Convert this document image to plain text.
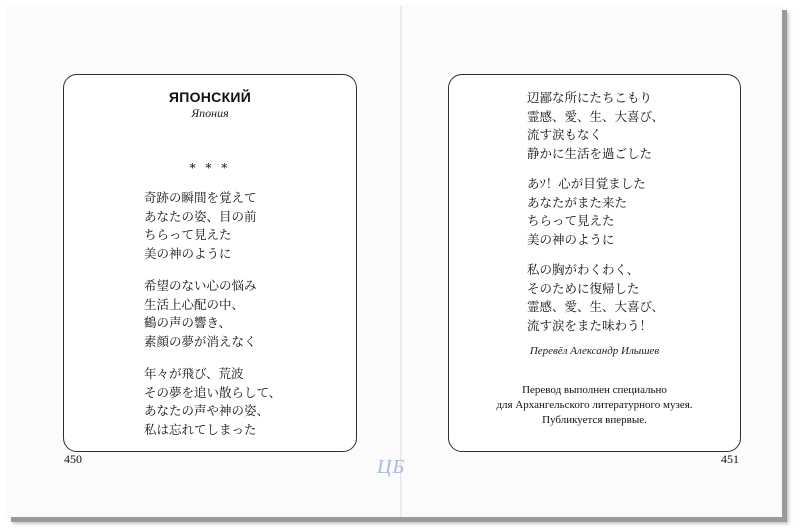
ЯПОНСКИЙ
Япония
* * *
奇跡の瞬間を覚えて
あなたの姿、目の前
ちらって見えた
美の神のように
希望のない心の悩み
生活上心配の中、
鶴の声の響き、
素顔の夢が消えなく
年々が飛び、荒波
その夢を追い散らして、
あなたの声や神の姿、
私は忘れてしまった
450
辺鄙な所にたちこもり
霊感、愛、生、大喜び、
流す涙もなく
静かに生活を過ごした
あｿ！心が目覚ました
あなたがまた来た
ちらって見えた
美の神のように
私の胸がわくわく、
そのために復帰した
霊感、愛、生、大喜び、
流す涙をまた味わう！
Перевёл Александр Илышев
Перевод выполнен специально
для Архангельского литературного музея.
Публикуется впервые.
451
ЦБ
